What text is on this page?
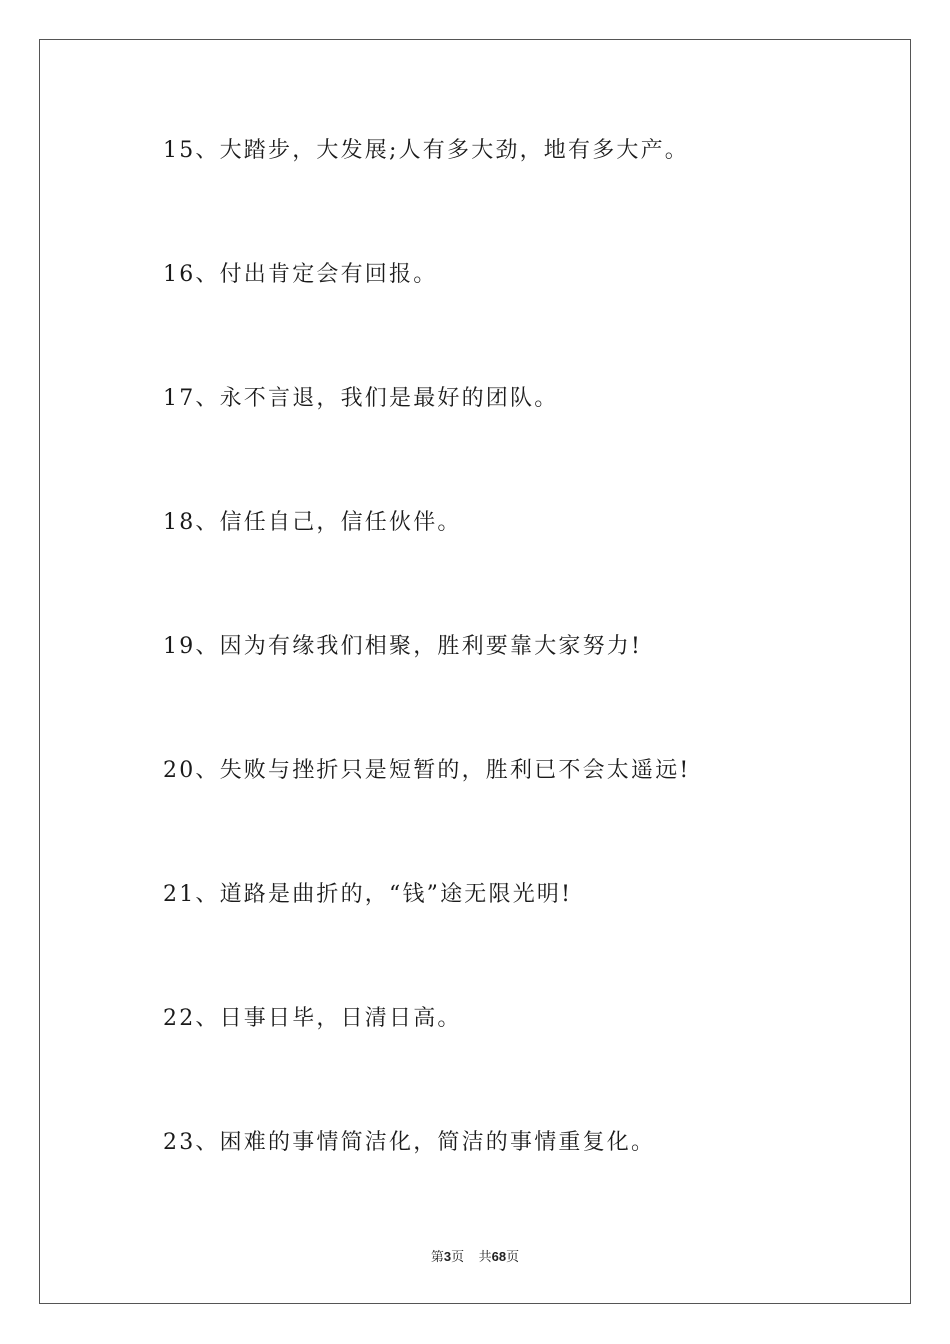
15、大踏步，大发展;人有多大劲，地有多大产。
16、付出肯定会有回报。
17、永不言退，我们是最好的团队。
18、信任自己，信任伙伴。
19、因为有缘我们相聚，胜利要靠大家努力!
20、失败与挫折只是短暂的，胜利已不会太遥远!
21、道路是曲折的，“钱”途无限光明!
22、日事日毕，日清日高。
23、困难的事情简洁化，简洁的事情重复化。
第3页 共68页
